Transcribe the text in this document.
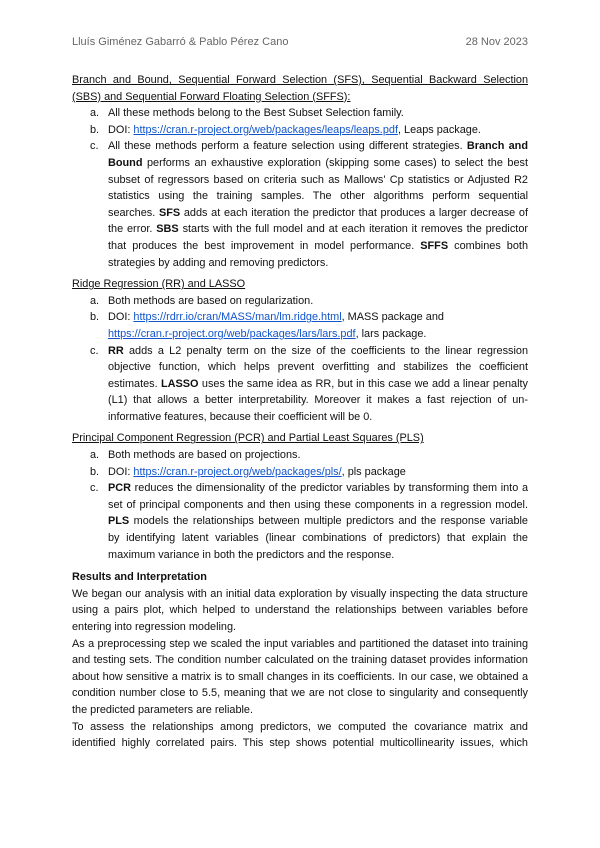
Lluís Giménez Gabarró & Pablo Pérez Cano	28 Nov 2023
Branch and Bound, Sequential Forward Selection (SFS), Sequential Backward Selection (SBS) and Sequential Forward Floating Selection (SFFS):
a. All these methods belong to the Best Subset Selection family.
b. DOI: https://cran.r-project.org/web/packages/leaps/leaps.pdf, Leaps package.
c. All these methods perform a feature selection using different strategies. Branch and Bound performs an exhaustive exploration (skipping some cases) to select the best subset of regressors based on criteria such as Mallows' Cp statistics or Adjusted R2 statistics using the training samples. The other algorithms perform sequential searches. SFS adds at each iteration the predictor that produces a larger decrease of the error. SBS starts with the full model and at each iteration it removes the predictor that produces the best improvement in model performance. SFFS combines both strategies by adding and removing predictors.
Ridge Regression (RR) and LASSO
a. Both methods are based on regularization.
b. DOI: https://rdrr.io/cran/MASS/man/lm.ridge.html, MASS package and
https://cran.r-project.org/web/packages/lars/lars.pdf, lars package.
c. RR adds a L2 penalty term on the size of the coefficients to the linear regression objective function, which helps prevent overfitting and stabilizes the coefficient estimates. LASSO uses the same idea as RR, but in this case we add a linear penalty (L1) that allows a better interpretability. Moreover it makes a fast rejection of un-informative features, because their coefficient will be 0.
Principal Component Regression (PCR) and Partial Least Squares (PLS)
a. Both methods are based on projections.
b. DOI: https://cran.r-project.org/web/packages/pls/, pls package
c. PCR reduces the dimensionality of the predictor variables by transforming them into a set of principal components and then using these components in a regression model. PLS models the relationships between multiple predictors and the response variable by identifying latent variables (linear combinations of predictors) that explain the maximum variance in both the predictors and the response.
Results and Interpretation

We began our analysis with an initial data exploration by visually inspecting the data structure using a pairs plot, which helped to understand the relationships between variables before entering into regression modeling.

As a preprocessing step we scaled the input variables and partitioned the dataset into training and testing sets. The condition number calculated on the training dataset provides information about how sensitive a matrix is to small changes in its coefficients. In our case, we obtained a condition number close to 5.5, meaning that we are not close to singularity and consequently the predicted parameters are reliable.

To assess the relationships among predictors, we computed the covariance matrix and identified highly correlated pairs. This step shows potential multicollinearity issues, which
